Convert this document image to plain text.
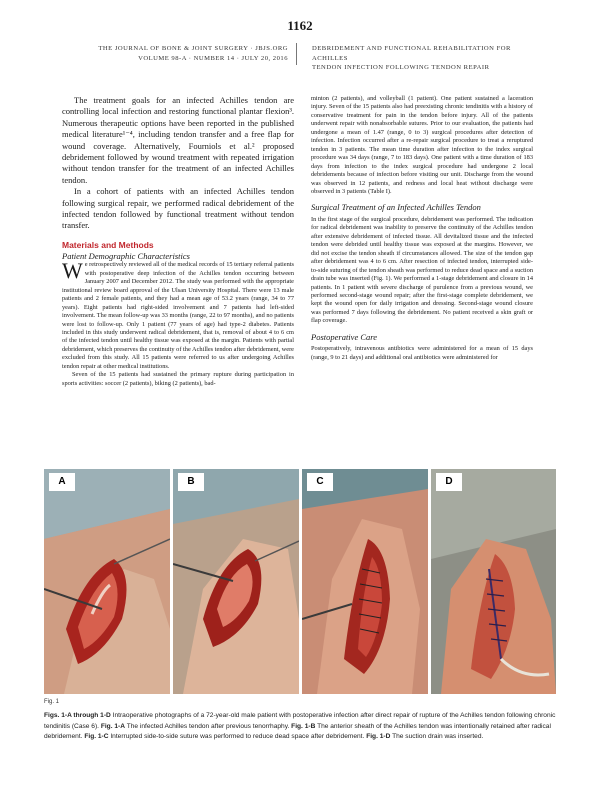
1162
THE JOURNAL OF BONE & JOINT SURGERY · JBJS.ORG
VOLUME 98-A · NUMBER 14 · JULY 20, 2016
DEBRIDEMENT AND FUNCTIONAL REHABILITATION FOR ACHILLES
TENDON INFECTION FOLLOWING TENDON REPAIR

The treatment goals for an infected Achilles tendon are controlling local infection and restoring functional plantar flexion³. Numerous therapeutic options have been reported in the published medical literature¹⁻⁴, including tendon transfer and a free flap for wound coverage. Alternatively, Fourniols et al.² proposed debridement followed by wound treatment with repeated irrigation without tendon transfer for the treatment of an infected Achilles tendon.

In a cohort of patients with an infected Achilles tendon following surgical repair, we performed radical debridement of the infected tendon followed by functional treatment without tendon transfer.

Materials and Methods

Patient Demographic Characteristics

We retrospectively reviewed all of the medical records of 15 tertiary referral patients with postoperative deep infection of the Achilles tendon occurring between January 2007 and December 2012. The study was performed with the appropriate institutional review board approval of the Ulsan University Hospital. There were 13 male patients and 2 female patients, and they had a mean age of 53.2 years (range, 34 to 77 years). Eight patients had right-sided involvement and 7 patients had left-sided involvement. The mean follow-up was 33 months (range, 22 to 97 months), and no patients were lost to follow-up. Only 1 patient (77 years of age) had type-2 diabetes. Patients included in this study underwent radical debridement, that is, removal of about 4 to 6 cm of the infected tendon until healthy tissue was exposed at the margin. Patients with partial debridement, which preserves the continuity of the Achilles tendon after debridement, were excluded from this study. All 15 patients were referred to us after undergoing Achilles tendon repair at other medical institutions.

Seven of the 15 patients had sustained the primary rupture during participation in sports activities: soccer (2 patients), biking (2 patients), bad-

minton (2 patients), and volleyball (1 patient). One patient sustained a laceration injury. Seven of the 15 patients also had preexisting chronic tendinitis with a history of conservative treatment for pain in the tendon before injury. All of the patients underwent repair with nonabsorbable sutures. Prior to our evaluation, the patients had undergone a mean of 1.47 (range, 0 to 3) surgical procedures after detection of infection. Infection occurred after a re-repair surgical procedure to treat a reruptured tendon in 3 patients. The mean time duration after infection to the index surgical procedure was 34 days (range, 7 to 183 days). One patient with a time duration of 183 days from infection to the index surgical procedure had undergone 2 local debridements because of infection before visiting our unit. Discharge from the wound was observed in 12 patients, and redness and local heat without discharge were observed in 3 patients (Table I).

Surgical Treatment of an Infected Achilles Tendon

In the first stage of the surgical procedure, debridement was performed. The indication for radical debridement was inability to preserve the continuity of the Achilles tendon after extensive debridement of infected tissue. All devitalized tissue and the infected tendon were debrided until healthy tissue was exposed at the margins. However, we did not excise the tendon sheath if circumstances allowed. The size of the tendon gap after debridement was 4 to 6 cm. After resection of infected tendon, interrupted side-to-side suturing of the tendon sheath was performed to reduce dead space and a suction drain tube was inserted (Fig. 1). We performed a 1-stage debridement and closure in 14 patients. In 1 patient with severe discharge of purulence from a previous wound, we performed second-stage wound repair; after the first-stage complete debridement, we kept the wound open for daily irrigation and dressing. Second-stage wound closure was performed 7 days following the debridement. No patient received a skin graft or flap coverage.

Postoperative Care

Postoperatively, intravenous antibiotics were administered for a mean of 15 days (range, 9 to 21 days) and additional oral antibiotics were administered for

A	B	C	D
Fig. 1
Figs. 1-A through 1-D Intraoperative photographs of a 72-year-old male patient with postoperative infection after direct repair of rupture of the Achilles tendon following chronic tendinitis (Case 6). Fig. 1-A The infected Achilles tendon after previous tenorrhaphy. Fig. 1-B The anterior sheath of the Achilles tendon was intentionally retained after radical debridement. Fig. 1-C Interrupted side-to-side suture was performed to reduce dead space after debridement. Fig. 1-D The suction drain was inserted.
